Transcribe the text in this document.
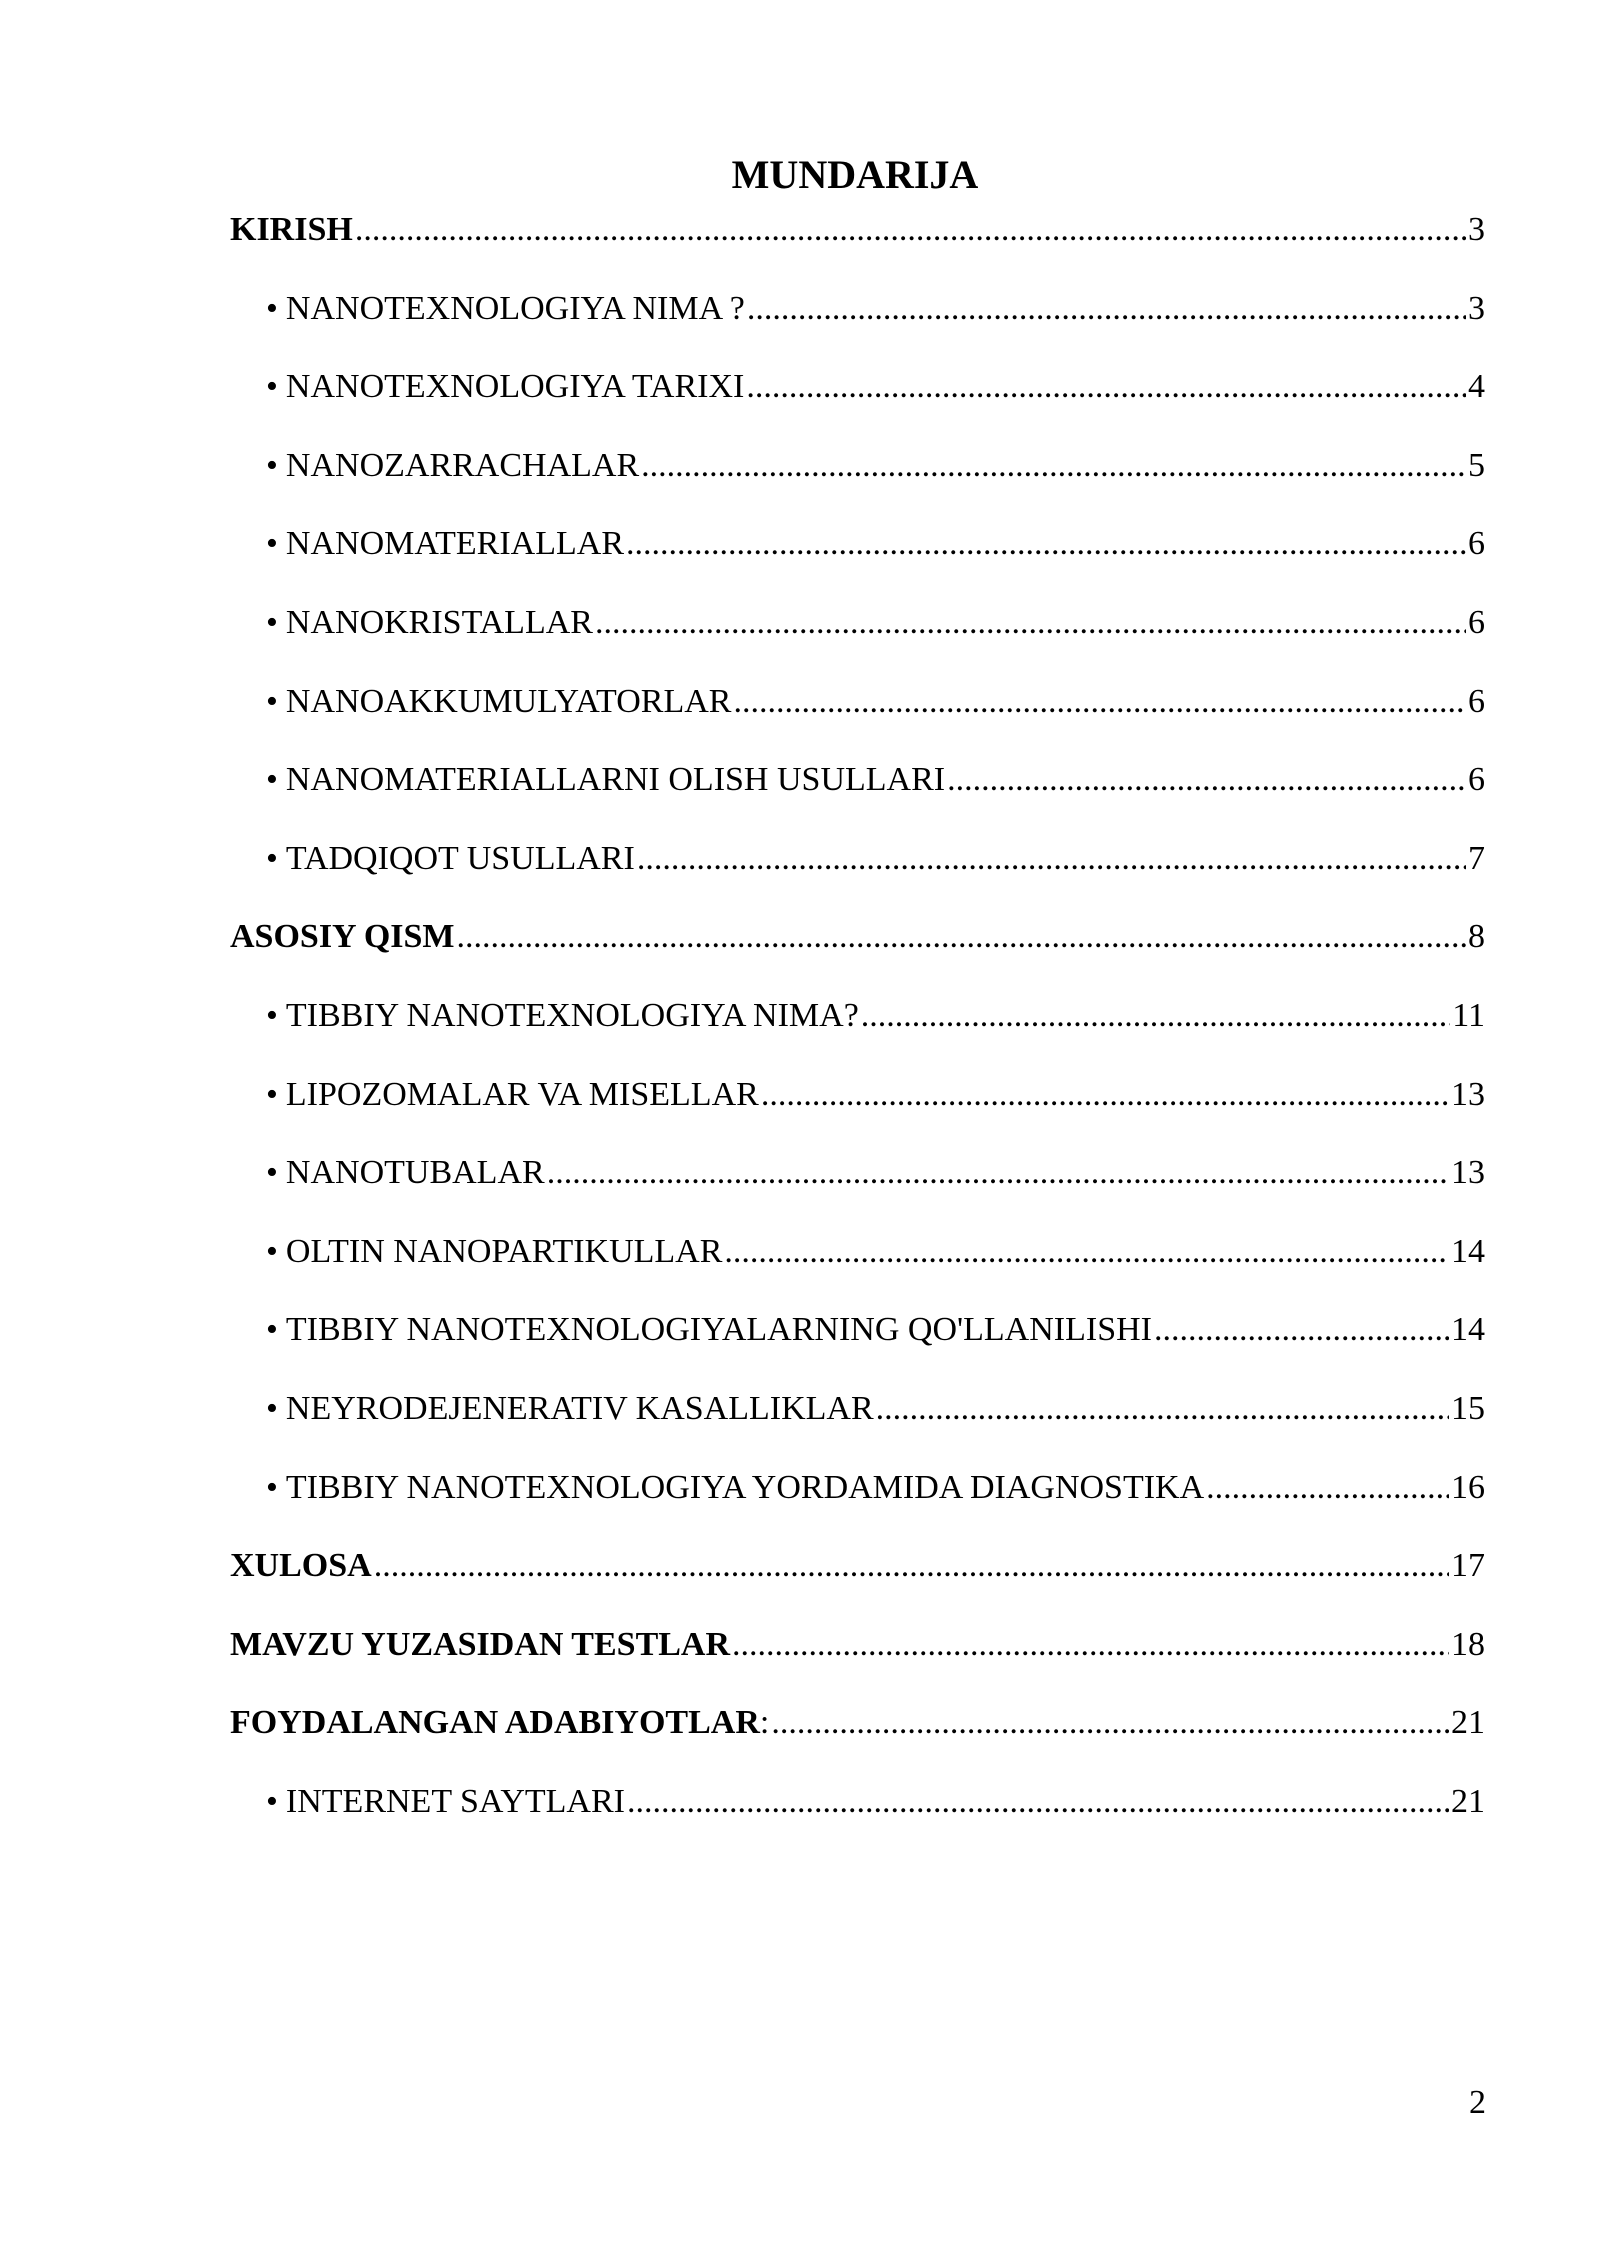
MUNDARIJA
KIRISH .....	3
• NANOTEXNOLOGIYA NIMA ? .....	3
• NANOTEXNOLOGIYA TARIXI .....	4
• NANOZARRACHALAR .....	5
• NANOMATERIALLAR .....	6
• NANOKRISTALLAR .....	6
• NANOAKKUMULYATORLAR .....	6
• NANOMATERIALLARNI OLISH USULLARI .....	6
• TADQIQOT USULLARI .....	7
ASOSIY QISM .....	8
• TIBBIY NANOTEXNOLOGIYA NIMA? .....	11
• LIPOZOMALAR VA MISELLAR .....	13
• NANOTUBALAR .....	13
• OLTIN NANOPARTIKULLAR .....	14
• TIBBIY NANOTEXNOLOGIYALARNING QO'LLANILISHI .....	14
• NEYRODEJENERATIV KASALLIKLAR .....	15
• TIBBIY NANOTEXNOLOGIYA YORDAMIDA DIAGNOSTIKA .....	16
XULOSA .....	17
MAVZU YUZASIDAN TESTLAR .....	18
FOYDALANGAN ADABIYOTLAR : .....	21
• INTERNET SAYTLARI .....	21
2
